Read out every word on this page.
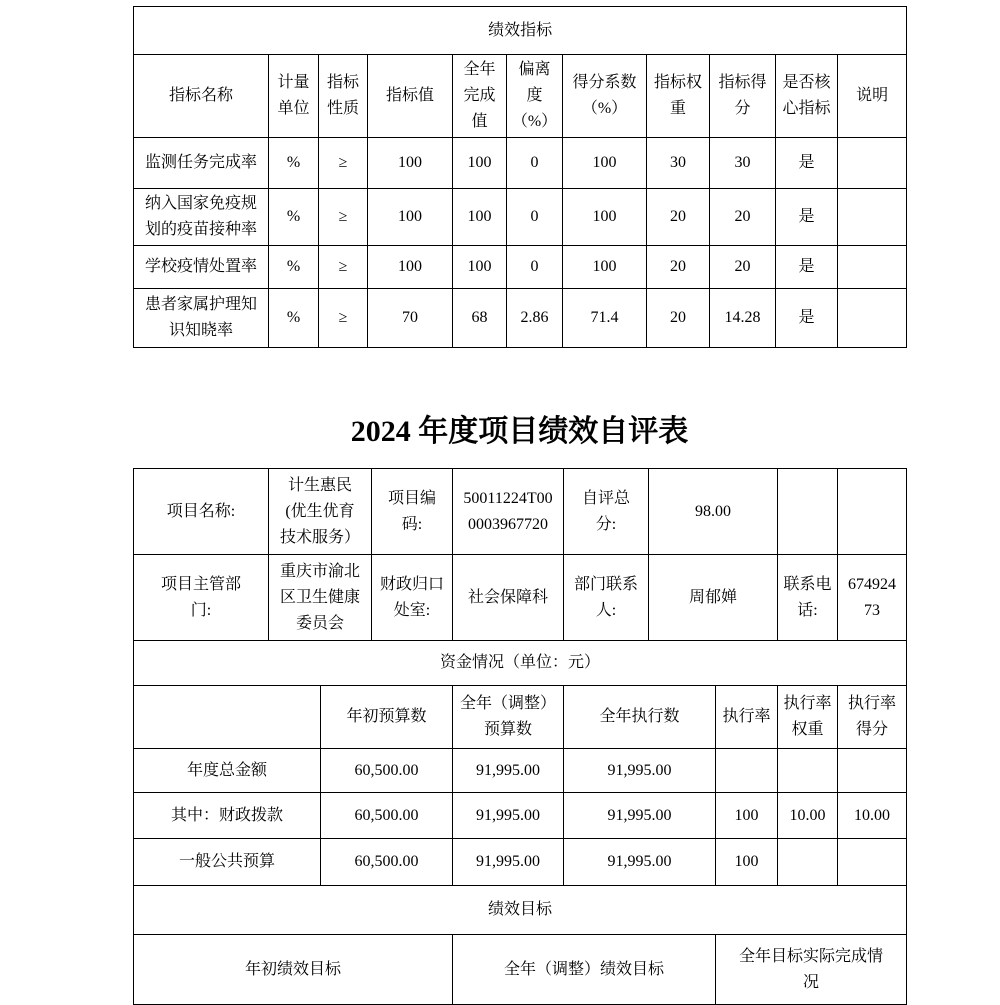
绩效指标										
指标名称	计量单位	指标性质	指标值	全年完成值	偏离度（%）	得分系数（%）	指标权重	指标得分	是否核心指标	说明
监测任务完成率	%	≥	100	100	0	100	30	30	是	
纳入国家免疫规划的疫苗接种率	%	≥	100	100	0	100	20	20	是	
学校疫情处置率	%	≥	100	100	0	100	20	20	是	
患者家属护理知识知晓率	%	≥	70	68	2.86	71.4	20	14.28	是	
2024 年度项目绩效自评表
项目名称:	计生惠民(优生优育技术服务）		项目编码:	50011224T000003967720	自评总分:	98.00			

项目主管部门:	重庆市渝北区卫生健康委员会		财政归口处室:	社会保障科	部门联系人:	周郁婵		联系电话:	67492473

资金情况（单位：元）									
		年初预算数		全年（调整）预算数	全年执行数		执行率	执行率权重	执行率得分
年度总金额		60,500.00		91,995.00	91,995.00				
其中：财政拨款		60,500.00		91,995.00	91,995.00		100	10.00	10.00
一般公共预算		60,500.00		91,995.00	91,995.00		100		
绩效目标									
年初绩效目标				全年（调整）绩效目标			全年目标实际完成情况		
